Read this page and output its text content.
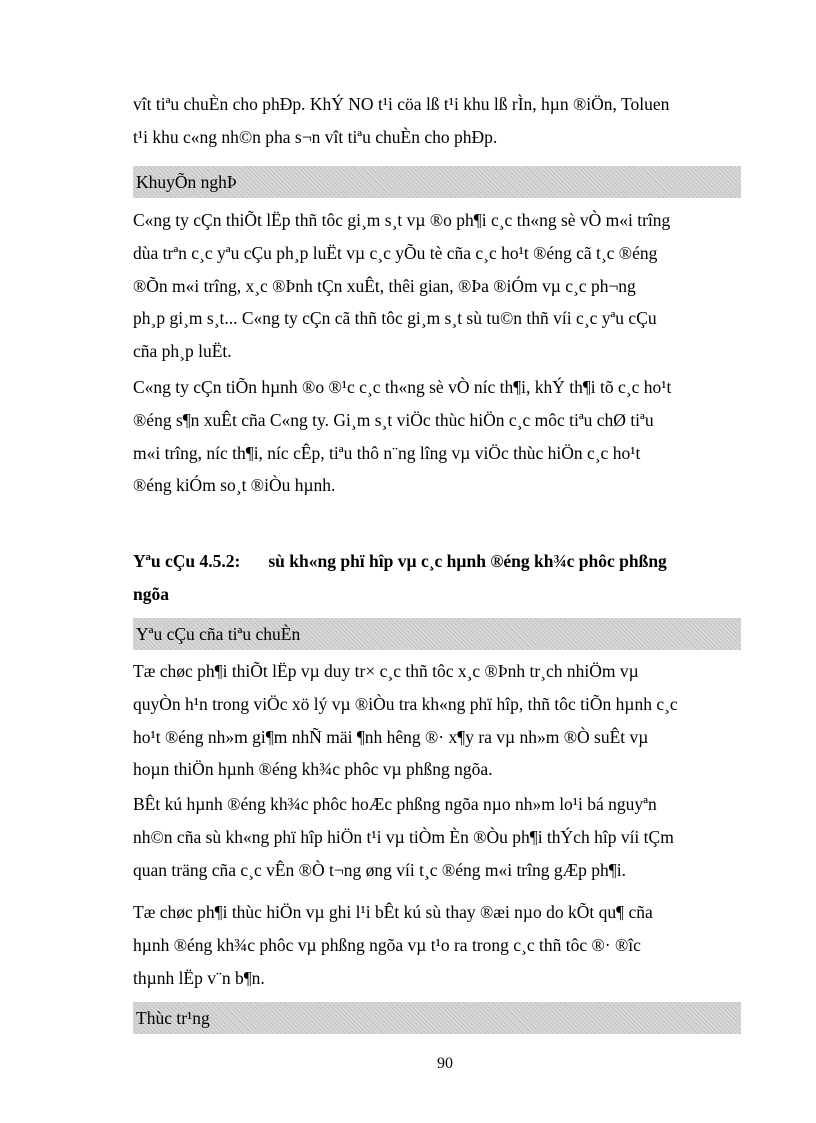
vît tiªu chuÈn cho phÐp. KhÝ NO t¹i cöa lß t¹i khu lß rÌn, hµn ®iÖn, Toluen
t¹i khu c«ng nh©n pha s¬n vît tiªu chuÈn cho phÐp.
KhuyÕn nghÞ
C«ng ty cÇn thiÕt lËp thñ tôc gi¸m s¸t vµ ®o ph¶i c¸c th«ng sè vÒ m«i trîng
dùa trªn c¸c yªu cÇu ph¸p luËt vµ c¸c yÕu tè cña c¸c ho¹t ®éng cã t¸c ®éng
®Õn m«i trîng, x¸c ®Þnh tÇn xuÊt, thêi gian, ®Þa ®iÓm vµ c¸c ph¬ng
ph¸p gi¸m s¸t... C«ng ty cÇn cã thñ tôc gi¸m s¸t sù tu©n thñ víi c¸c yªu cÇu
cña ph¸p luËt.
C«ng ty cÇn tiÕn hµnh ®o ®¹c c¸c th«ng sè vÒ níc th¶i, khÝ th¶i tõ c¸c ho¹t
®éng s¶n xuÊt cña C«ng ty. Gi¸m s¸t viÖc thùc hiÖn c¸c môc tiªu chØ tiªu
m«i trîng, níc th¶i, níc cÊp, tiªu thô n¨ng lîng vµ viÖc thùc hiÖn c¸c ho¹t
®éng kiÓm so¸t ®iÒu hµnh.
Yªu cÇu 4.5.2: sù kh«ng phï hîp vµ c¸c hµnh ®éng kh¾c phôc phßng
ngõa
Yªu cÇu cña tiªu chuÈn
Tæ chøc ph¶i thiÕt lËp vµ duy tr× c¸c thñ tôc x¸c ®Þnh tr¸ch nhiÖm vµ
quyÒn h¹n trong viÖc xö lý vµ ®iÒu tra kh«ng phï hîp, thñ tôc tiÕn hµnh c¸c
ho¹t ®éng nh»m gi¶m nhÑ mäi ¶nh hêng ®· x¶y ra vµ nh»m ®Ò suÊt vµ
hoµn thiÖn hµnh ®éng kh¾c phôc vµ phßng ngõa.
BÊt kú hµnh ®éng kh¾c phôc hoÆc phßng ngõa nµo nh»m lo¹i bá nguyªn
nh©n cña sù kh«ng phï hîp hiÖn t¹i vµ tiÒm Èn ®Òu ph¶i thÝch hîp víi tÇm
quan träng cña c¸c vÊn ®Ò t¬ng øng víi t¸c ®éng m«i trîng gÆp ph¶i.
Tæ chøc ph¶i thùc hiÖn vµ ghi l¹i bÊt kú sù thay ®æi nµo do kÕt qu¶ cña
hµnh ®éng kh¾c phôc vµ phßng ngõa vµ t¹o ra trong c¸c thñ tôc ®· ®îc
thµnh lËp v¨n b¶n.
Thùc tr¹ng
90
